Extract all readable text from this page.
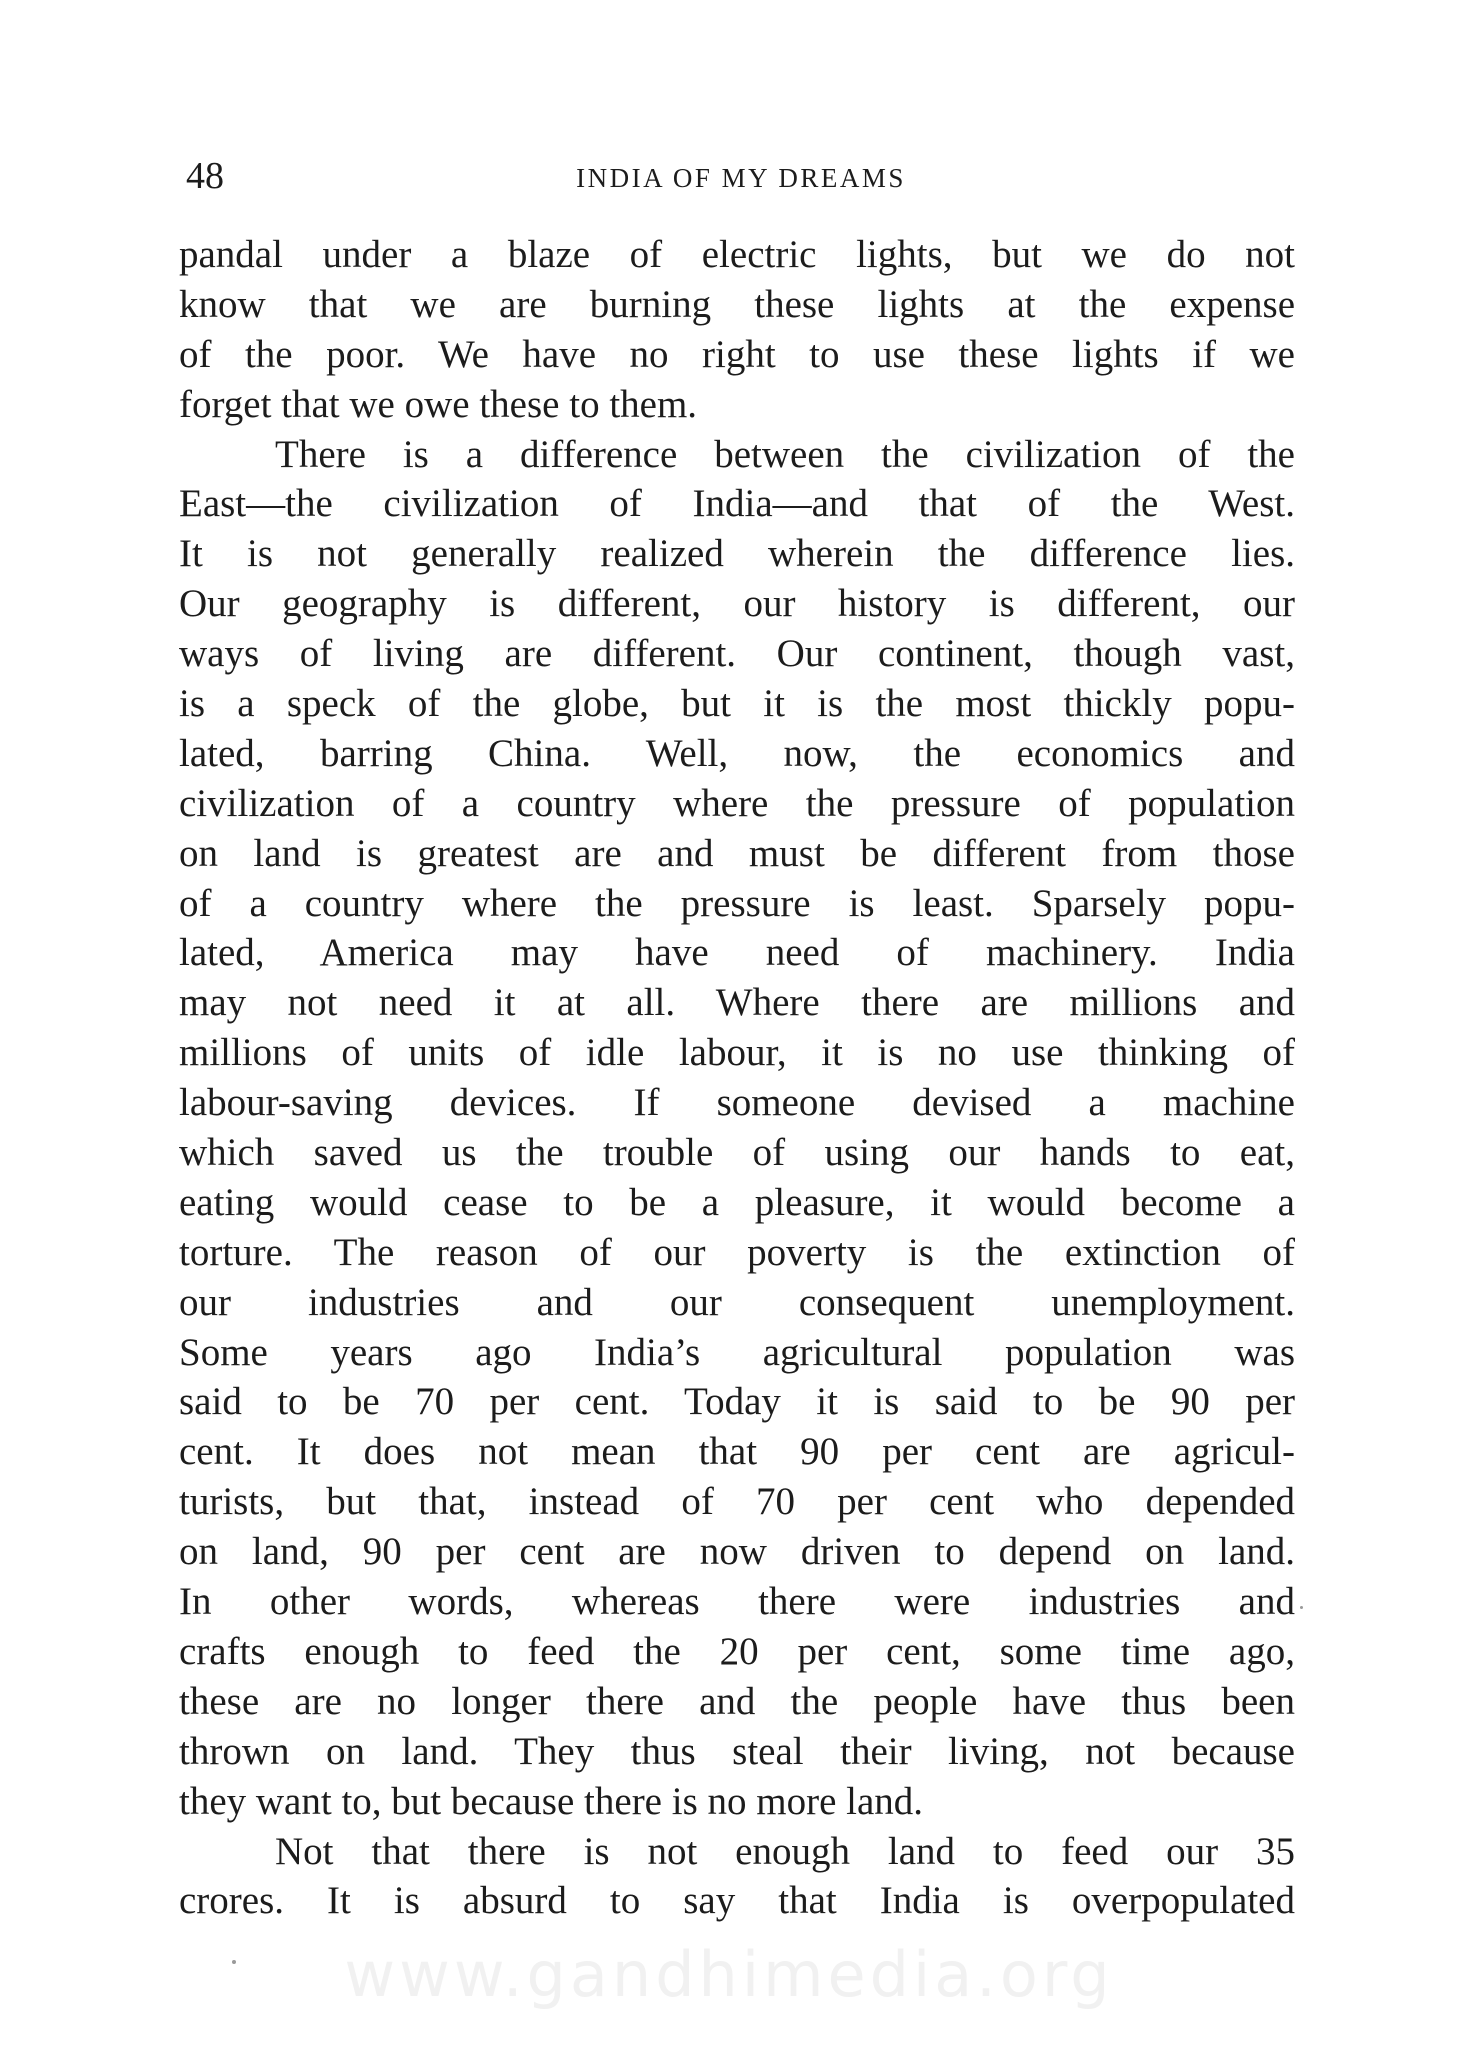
48	INDIA OF MY DREAMS
pandal under a blaze of electric lights, but we do not
know that we are burning these lights at the expense
of the poor. We have no right to use these lights if we
forget that we owe these to them.
There is a difference between the civilization of the
East—the civilization of India—and that of the West.
It is not generally realized wherein the difference lies.
Our geography is different, our history is different, our
ways of living are different. Our continent, though vast,
is a speck of the globe, but it is the most thickly popu-
lated, barring China. Well, now, the economics and
civilization of a country where the pressure of population
on land is greatest are and must be different from those
of a country where the pressure is least. Sparsely popu-
lated, America may have need of machinery. India
may not need it at all. Where there are millions and
millions of units of idle labour, it is no use thinking of
labour-saving devices. If someone devised a machine
which saved us the trouble of using our hands to eat,
eating would cease to be a pleasure, it would become a
torture. The reason of our poverty is the extinction of
our industries and our consequent unemployment.
Some years ago India’s agricultural population was
said to be 70 per cent. Today it is said to be 90 per
cent. It does not mean that 90 per cent are agricul-
turists, but that, instead of 70 per cent who depended
on land, 90 per cent are now driven to depend on land.
In other words, whereas there were industries and
crafts enough to feed the 20 per cent, some time ago,
these are no longer there and the people have thus been
thrown on land. They thus steal their living, not because
they want to, but because there is no more land.
Not that there is not enough land to feed our 35
crores. It is absurd to say that India is overpopulated
www.gandhimedia.org
